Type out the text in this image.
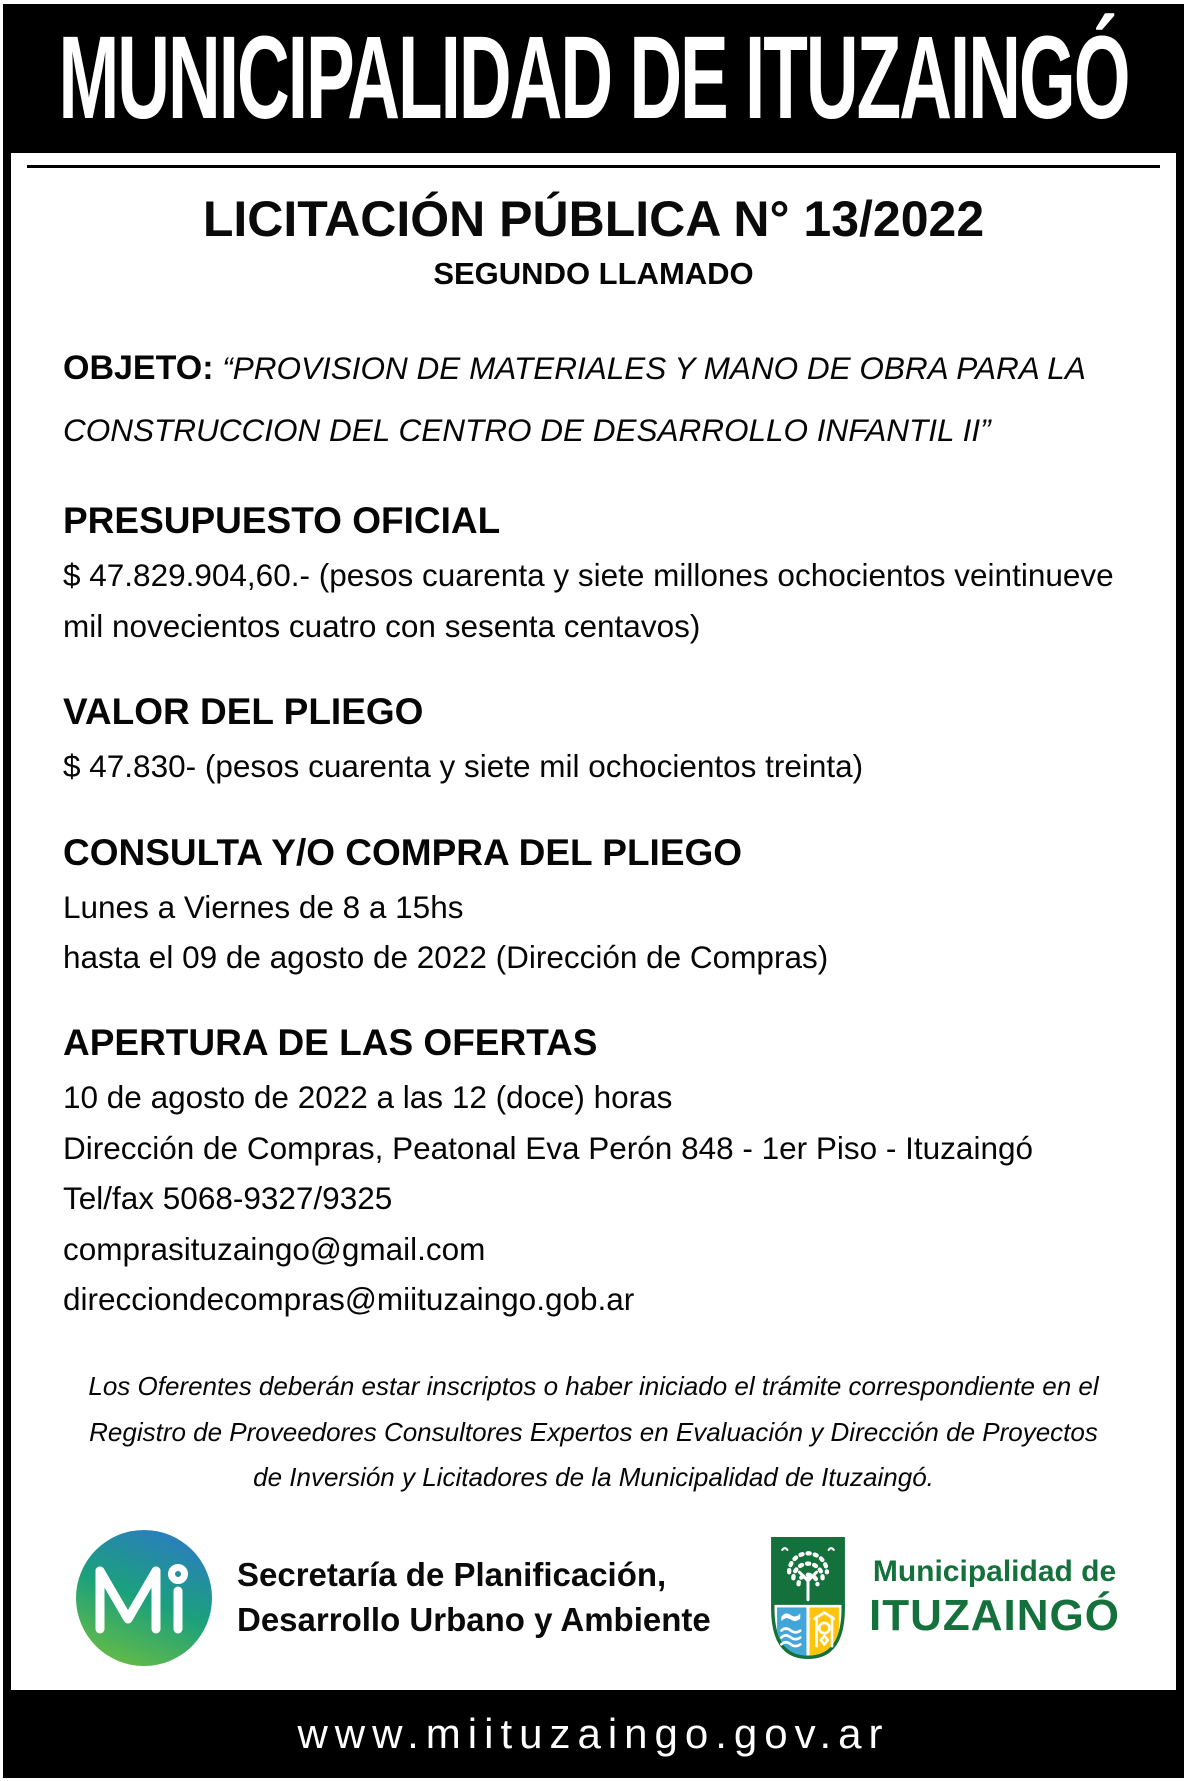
MUNICIPALIDAD DE ITUZAINGÓ
LICITACIÓN PÚBLICA N° 13/2022
SEGUNDO LLAMADO

OBJETO: “PROVISION DE MATERIALES Y MANO DE OBRA PARA LA CONSTRUCCION DEL CENTRO DE DESARROLLO INFANTIL II”

PRESUPUESTO OFICIAL

$ 47.829.904,60.- (pesos cuarenta y siete millones ochocientos veintinueve mil novecientos cuatro con sesenta centavos)

VALOR DEL PLIEGO

$ 47.830- (pesos cuarenta y siete mil ochocientos treinta)

CONSULTA Y/O COMPRA DEL PLIEGO

Lunes a Viernes de 8 a 15hs

hasta el 09 de agosto de 2022 (Dirección de Compras)

APERTURA DE LAS OFERTAS

10 de agosto de 2022 a las 12 (doce) horas

Dirección de Compras, Peatonal Eva Perón 848 - 1er Piso - Ituzaingó

Tel/fax 5068-9327/9325

comprasituzaingo@gmail.com

direcciondecompras@miituzaingo.gob.ar

Los Oferentes deberán estar inscriptos o haber iniciado el trámite correspondiente en el Registro de Proveedores Consultores Expertos en Evaluación y Dirección de Proyectos de Inversión y Licitadores de la Municipalidad de Ituzaingó.

Secretaría de Planificación,
Desarrollo Urbano y Ambiente
Municipalidad de
ITUZAINGÓ
www.miituzaingo.gov.ar
